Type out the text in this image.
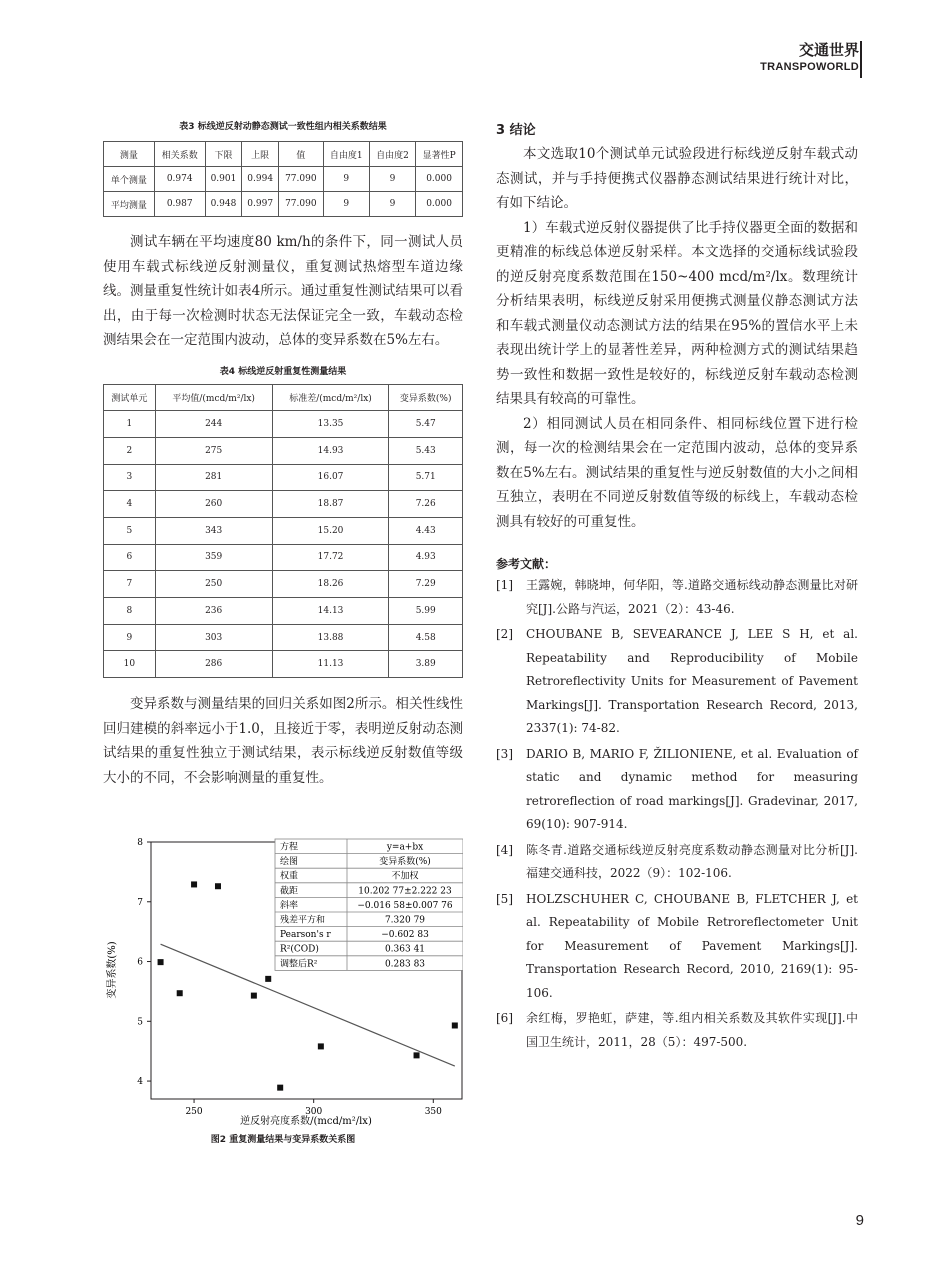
交通世界
TRANSPOWORLD
表3 标线逆反射动静态测试一致性组内相关系数结果
测量	相关系数	下限	上限	值	自由度1	自由度2	显著性P
单个测量	0.974	0.901	0.994	77.090	9	9	0.000
平均测量	0.987	0.948	0.997	77.090	9	9	0.000

测试车辆在平均速度80 km/h的条件下，同一测试人员使用车载式标线逆反射测量仪，重复测试热熔型车道边缘线。测量重复性统计如表4所示。通过重复性测试结果可以看出，由于每一次检测时状态无法保证完全一致，车载动态检测结果会在一定范围内波动，总体的变异系数在5%左右。

表4 标线逆反射重复性测量结果
测试单元	平均值/(mcd/m²/lx)	标准差/(mcd/m²/lx)	变异系数(%)
1	244	13.35	5.47
2	275	14.93	5.43
3	281	16.07	5.71
4	260	18.87	7.26
5	343	15.20	4.43
6	359	17.72	4.93
7	250	18.26	7.29
8	236	14.13	5.99
9	303	13.88	4.58
10	286	11.13	3.89

变异系数与测量结果的回归关系如图2所示。相关性线性回归建模的斜率远小于1.0，且接近于零，表明逆反射动态测试结果的重复性独立于测试结果，表示标线逆反射数值等级大小的不同，不会影响测量的重复性。

方程	y=a+bx
绘图	变异系数(%)
权重	不加权
截距	10.202 77±2.222 23
斜率	−0.016 58±0.007 76
残差平方和	7.320 79
Pearson's r	−0.602 83
R²(COD)	0.363 41
调整后R²	0.283 83
250	300	350
4
5
6
7
8
逆反射亮度系数/(mcd/m²/lx)
变异系数(%)
图2 重复测量结果与变异系数关系图
3 结论

本文选取10个测试单元试验段进行标线逆反射车载式动态测试，并与手持便携式仪器静态测试结果进行统计对比，有如下结论。

1）车载式逆反射仪器提供了比手持仪器更全面的数据和更精准的标线总体逆反射采样。本文选择的交通标线试验段的逆反射亮度系数范围在150~400 mcd/m²/lx。数理统计分析结果表明，标线逆反射采用便携式测量仪静态测试方法和车载式测量仪动态测试方法的结果在95%的置信水平上未表现出统计学上的显著性差异，两种检测方式的测试结果趋势一致性和数据一致性是较好的，标线逆反射车载动态检测结果具有较高的可靠性。

2）相同测试人员在相同条件、相同标线位置下进行检测，每一次的检测结果会在一定范围内波动，总体的变异系数在5%左右。测试结果的重复性与逆反射数值的大小之间相互独立，表明在不同逆反射数值等级的标线上，车载动态检测具有较好的可重复性。

参考文献：
[1]	王露婉，韩晓坤，何华阳，等.道路交通标线动静态测量比对研究[J].公路与汽运，2021（2）：43-46.
[2]	CHOUBANE B, SEVEARANCE J, LEE S H, et al. Repeatability and Reproducibility of Mobile Retroreflectivity Units for Measurement of Pavement Markings[J]. Transportation Research Record, 2013, 2337(1): 74-82.
[3]	DARIO B, MARIO F, ŽILIONIENE, et al. Evaluation of static and dynamic method for measuring retroreflection of road markings[J]. Gradevinar, 2017, 69(10): 907-914.
[4]	陈冬青.道路交通标线逆反射亮度系数动静态测量对比分析[J].福建交通科技，2022（9）：102-106.
[5]	HOLZSCHUHER C, CHOUBANE B, FLETCHER J, et al. Repeatability of Mobile Retroreflectometer Unit for Measurement of Pavement Markings[J]. Transportation Research Record, 2010, 2169(1): 95-106.
[6]	余红梅，罗艳虹，萨建，等.组内相关系数及其软件实现[J].中国卫生统计，2011，28（5）：497-500.
9
